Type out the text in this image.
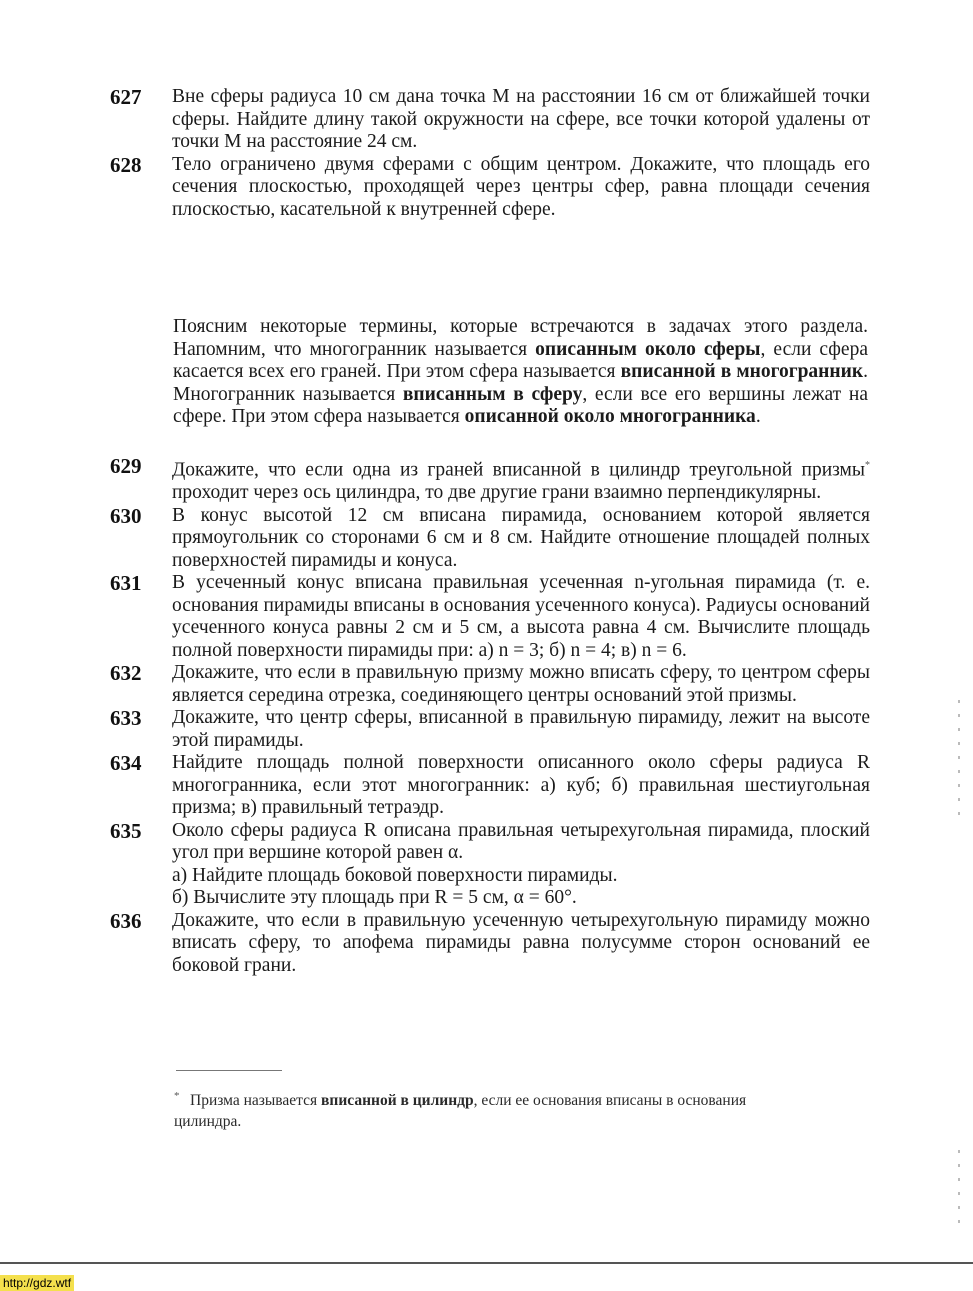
627	Вне сферы радиуса 10 см дана точка M на расстоянии 16 см от ближайшей точки сферы. Найдите длину такой окружности на сфере, все точки которой удалены от точки M на расстояние 24 см.
628	Тело ограничено двумя сферами с общим центром. Докажите, что площадь его сечения плоскостью, проходящей через центры сфер, равна площади сечения плоскостью, касательной к внутренней сфере.
Поясним некоторые термины, которые встречаются в задачах этого раздела. Напомним, что многогранник называется описанным около сферы, если сфера касается всех его граней. При этом сфера называется вписанной в многогранник. Многогранник называется вписанным в сферу, если все его вершины лежат на сфере. При этом сфера называется описанной около многогранника.
629	Докажите, что если одна из граней вписанной в цилиндр треугольной призмы* проходит через ось цилиндра, то две другие грани взаимно перпендикулярны.
630	В конус высотой 12 см вписана пирамида, основанием которой является прямоугольник со сторонами 6 см и 8 см. Найдите отношение площадей полных поверхностей пирамиды и конуса.
631	В усеченный конус вписана правильная усеченная n-угольная пирамида (т. е. основания пирамиды вписаны в основания усеченного конуса). Радиусы оснований усеченного конуса равны 2 см и 5 см, а высота равна 4 см. Вычислите площадь полной поверхности пирамиды при: а) n = 3; б) n = 4; в) n = 6.
632	Докажите, что если в правильную призму можно вписать сферу, то центром сферы является середина отрезка, соединяющего центры оснований этой призмы.
633	Докажите, что центр сферы, вписанной в правильную пирамиду, лежит на высоте этой пирамиды.
634	Найдите площадь полной поверхности описанного около сферы радиуса R многогранника, если этот многогранник: а) куб; б) правильная шестиугольная призма; в) правильный тетраэдр.
635	Около сферы радиуса R описана правильная четырехугольная пирамида, плоский угол при вершине которой равен α.
а) Найдите площадь боковой поверхности пирамиды.
б) Вычислите эту площадь при R = 5 см, α = 60°.
636	Докажите, что если в правильную усеченную четырехугольную пирамиду можно вписать сферу, то апофема пирамиды равна полусумме сторон оснований ее боковой грани.
* Призма называется вписанной в цилиндр, если ее основания вписаны в основания цилиндра.
http://gdz.wtf
